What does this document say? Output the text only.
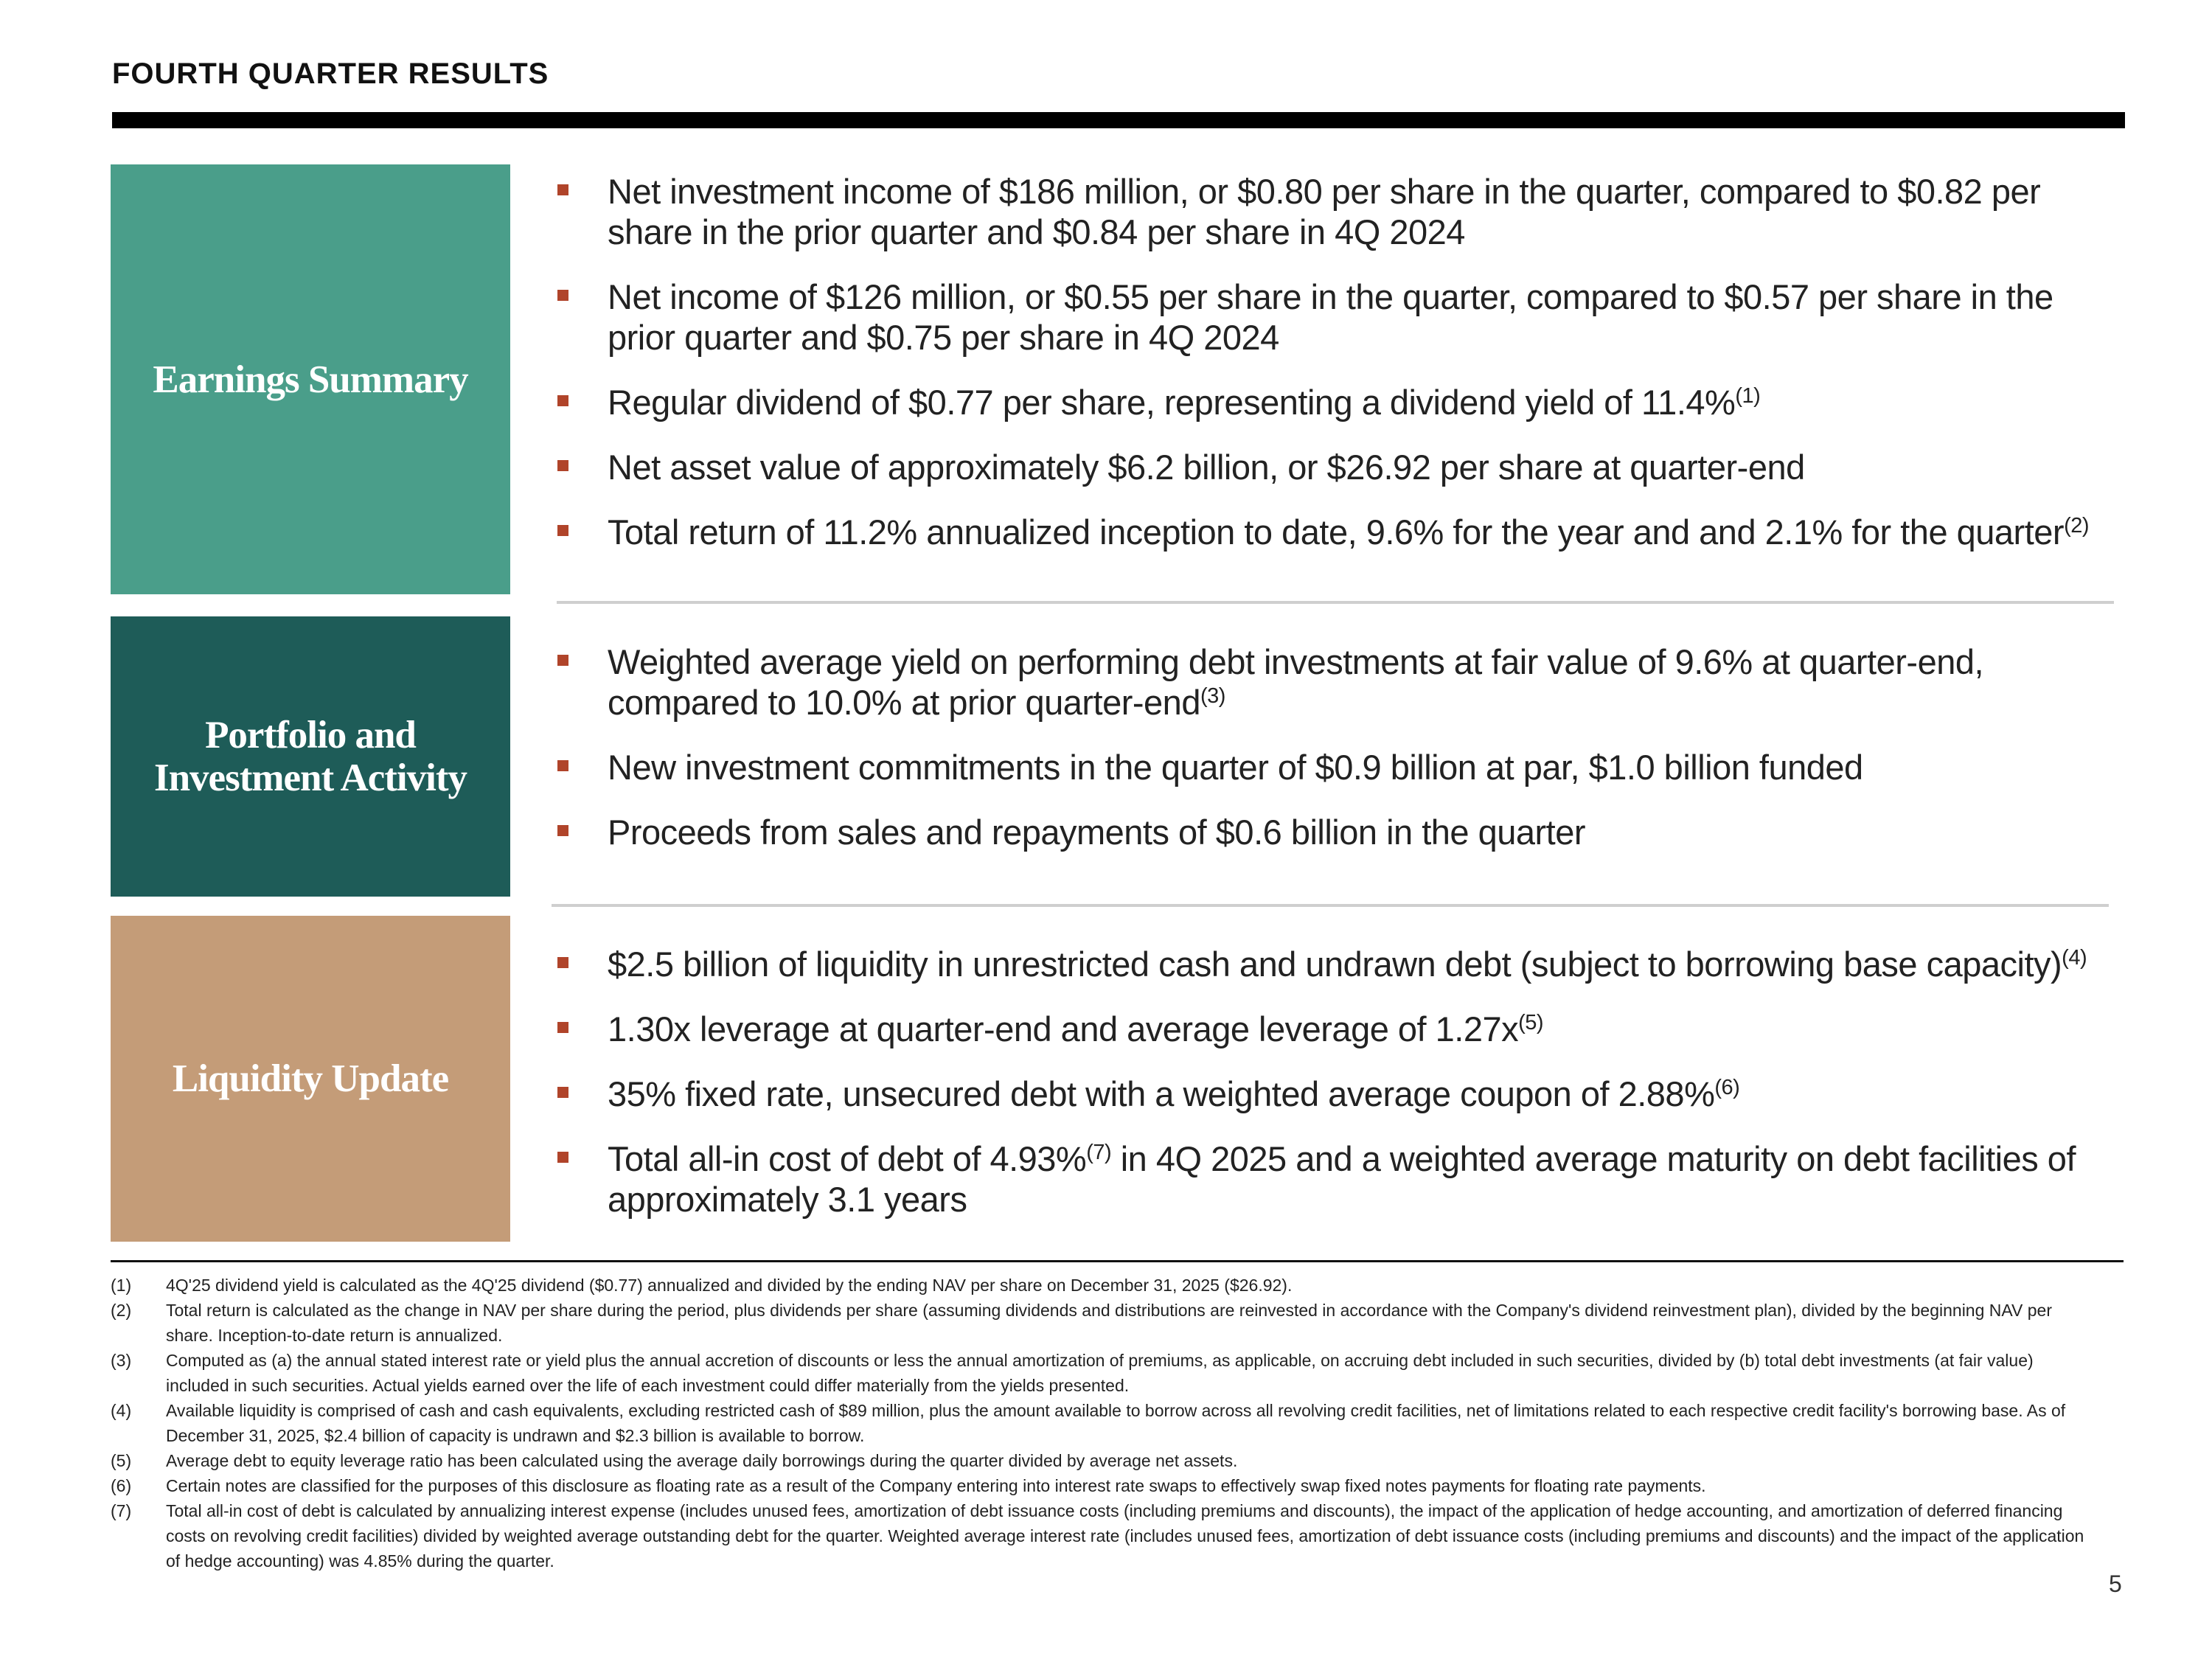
FOURTH QUARTER RESULTS
Earnings Summary
Net investment income of $186 million, or $0.80 per share in the quarter, compared to $0.82 per share in the prior quarter and $0.84 per share in 4Q 2024
Net income of $126 million, or $0.55 per share in the quarter, compared to $0.57 per share in the prior quarter and $0.75 per share in 4Q 2024
Regular dividend of $0.77 per share, representing a dividend yield of 11.4%$^{(1)}$
Net asset value of approximately $6.2 billion, or $26.92 per share at quarter-end
Total return of 11.2% annualized inception to date, 9.6% for the year and and 2.1% for the quarter$^{(2)}$
Portfolio and
Investment Activity
Weighted average yield on performing debt investments at fair value of 9.6% at quarter-end, compared to 10.0% at prior quarter-end$^{(3)}$
New investment commitments in the quarter of $0.9 billion at par, $1.0 billion funded
Proceeds from sales and repayments of $0.6 billion in the quarter
Liquidity Update
$2.5 billion of liquidity in unrestricted cash and undrawn debt (subject to borrowing base capacity)$^{(4)}$
1.30x leverage at quarter-end and average leverage of $1.27x^{(5)}$
35% fixed rate, unsecured debt with a weighted average coupon of 2.88%$^{(6)}$
Total all-in cost of debt of 4.93%$^{(7)}$ in 4Q 2025 and a weighted average maturity on debt facilities of approximately 3.1 years
(1) 4Q'25 dividend yield is calculated as the 4Q'25 dividend ($0.77) annualized and divided by the ending NAV per share on December 31, 2025 ($26.92).
(2) Total return is calculated as the change in NAV per share during the period, plus dividends per share (assuming dividends and distributions are reinvested in accordance with the Company's dividend reinvestment plan), divided by the beginning NAV per share. Inception-to-date return is annualized.
(3) Computed as (a) the annual stated interest rate or yield plus the annual accretion of discounts or less the annual amortization of premiums, as applicable, on accruing debt included in such securities, divided by (b) total debt investments (at fair value) included in such securities. Actual yields earned over the life of each investment could differ materially from the yields presented.
(4) Available liquidity is comprised of cash and cash equivalents, excluding restricted cash of $89 million, plus the amount available to borrow across all revolving credit facilities, net of limitations related to each respective credit facility's borrowing base. As of December 31, 2025, $2.4 billion of capacity is undrawn and $2.3 billion is available to borrow.
(5) Average debt to equity leverage ratio has been calculated using the average daily borrowings during the quarter divided by average net assets.
(6) Certain notes are classified for the purposes of this disclosure as floating rate as a result of the Company entering into interest rate swaps to effectively swap fixed notes payments for floating rate payments.
(7) Total all-in cost of debt is calculated by annualizing interest expense (includes unused fees, amortization of debt issuance costs (including premiums and discounts), the impact of the application of hedge accounting, and amortization of deferred financing costs on revolving credit facilities) divided by weighted average outstanding debt for the quarter. Weighted average interest rate (includes unused fees, amortization of debt issuance costs (including premiums and discounts) and the impact of the application of hedge accounting) was 4.85% during the quarter.
5
